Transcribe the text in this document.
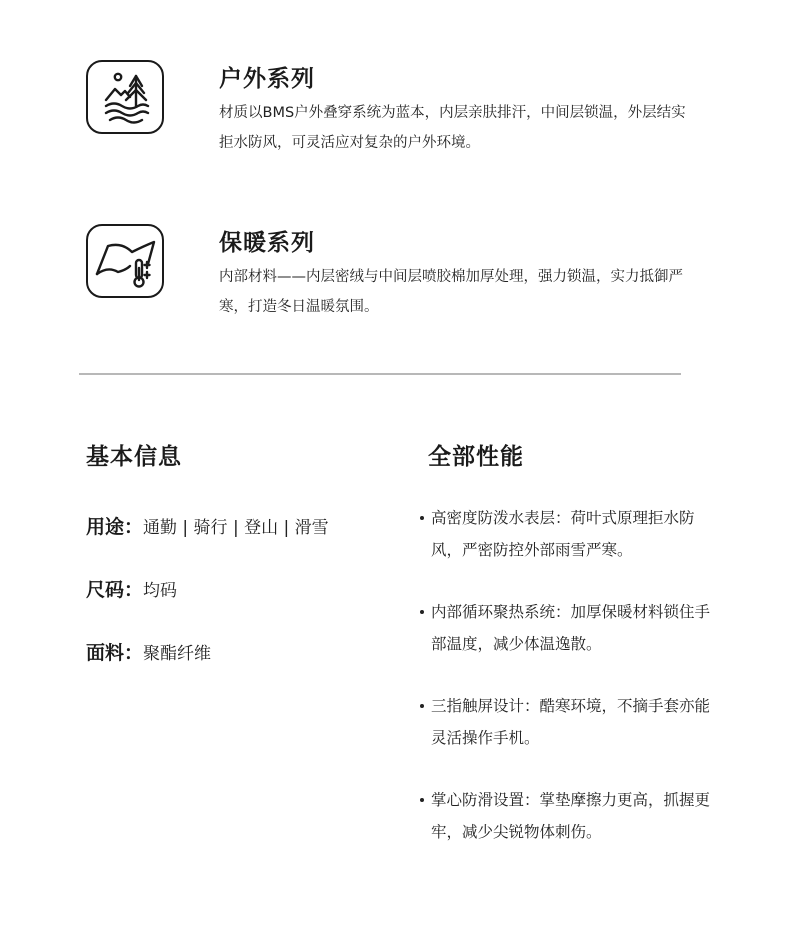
户外系列
材质以BMS户外叠穿系统为蓝本，内层亲肤排汗，中间层锁温，外层结实拒水防风，可灵活应对复杂的户外环境。
保暖系列
内部材料——内层密绒与中间层喷胶棉加厚处理，强力锁温，实力抵御严寒，打造冬日温暖氛围。
基本信息
用途：通勤 | 骑行 | 登山 | 滑雪
尺码：均码
面料：聚酯纤维
全部性能
高密度防泼水表层：荷叶式原理拒水防风，严密防控外部雨雪严寒。
内部循环聚热系统：加厚保暖材料锁住手部温度，减少体温逸散。
三指触屏设计：酷寒环境，不摘手套亦能灵活操作手机。
掌心防滑设置：掌垫摩擦力更高，抓握更牢，减少尖锐物体刺伤。
